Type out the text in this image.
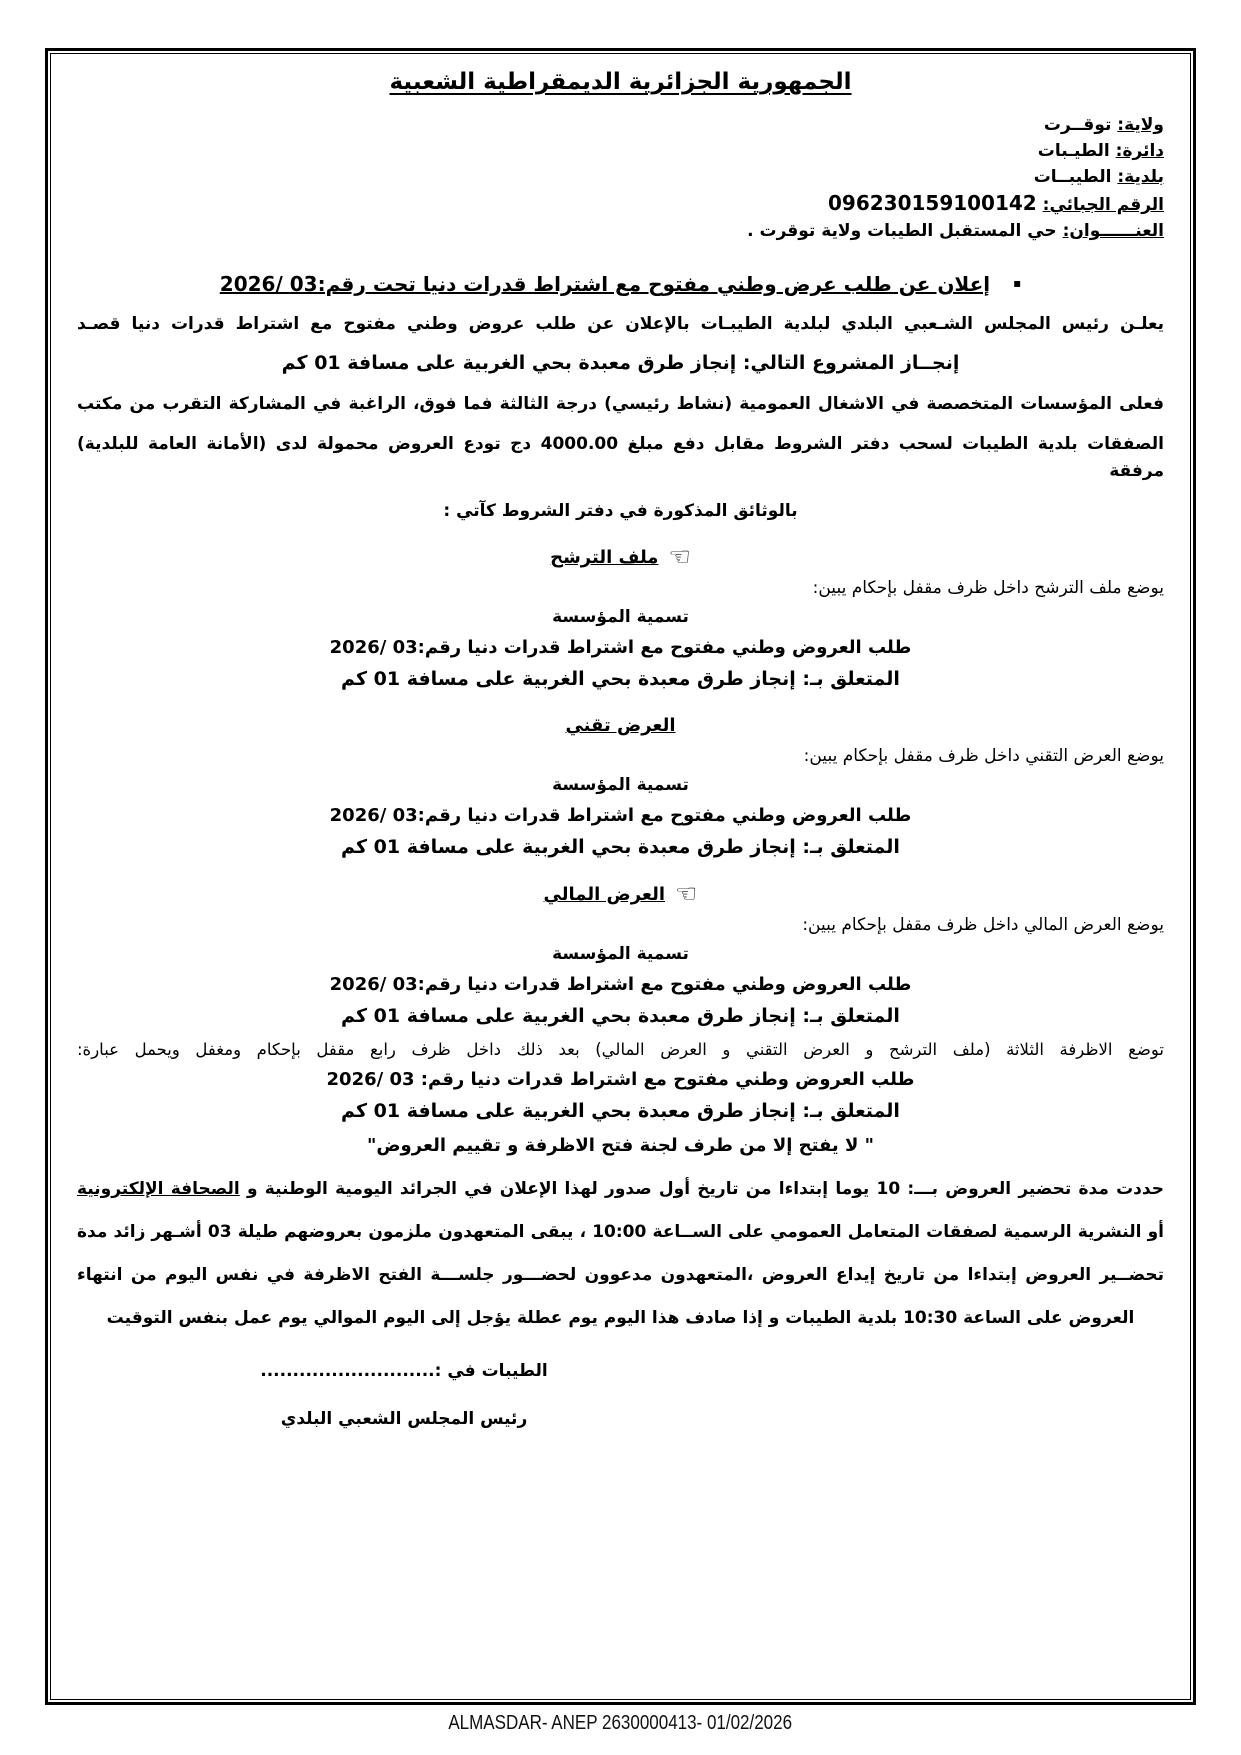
الجمهورية الجزائرية الديمقراطية الشعبية
ولاية: توقــرت
دائرة: الطيـبات
بلدية: الطيبــات
الرقم الجبائي: 096230159100142
العنــــــوان: حي المستقبل الطيبات ولاية توقرت .
▪ إعلان عن طلب عرض وطني مفتوح مع اشتراط قدرات دنيا تحت رقم:03 /2026
يعلـن رئيس المجلس الشـعبي البلدي لبلدية الطيبـات بالإعلان عن طلب عروض وطني مفتوح مع اشتراط قدرات دنيا قصـد
إنجــاز المشروع التالي: إنجاز طرق معبدة بحي الغربية على مسافة 01 كم
فعلى المؤسسات المتخصصة في الاشغال العمومية (نشاط رئيسي) درجة الثالثة فما فوق، الراغبة في المشاركة التقرب من مكتب
الصفقات بلدية الطيبات لسحب دفتر الشروط مقابل دفع مبلغ 4000.00 دج تودع العروض محمولة لدى (الأمانة العامة للبلدية) مرفقة
بالوثائق المذكورة في دفتر الشروط كآتي :
☜ملف الترشح
يوضع ملف الترشح داخل ظرف مقفل بإحكام يبين:
تسمية المؤسسة
طلب العروض وطني مفتوح مع اشتراط قدرات دنيا رقم:03 /2026
المتعلق بـ: إنجاز طرق معبدة بحي الغربية على مسافة 01 كم
العرض تقني
يوضع العرض التقني داخل ظرف مقفل بإحكام يبين:
تسمية المؤسسة
طلب العروض وطني مفتوح مع اشتراط قدرات دنيا رقم:03 /2026
المتعلق بـ: إنجاز طرق معبدة بحي الغربية على مسافة 01 كم
☜العرض المالي
يوضع العرض المالي داخل ظرف مقفل بإحكام يبين:
تسمية المؤسسة
طلب العروض وطني مفتوح مع اشتراط قدرات دنيا رقم:03 /2026
المتعلق بـ: إنجاز طرق معبدة بحي الغربية على مسافة 01 كم
توضع الاظرفة الثلاثة (ملف الترشح و العرض التقني و العرض المالي) بعد ذلك داخل ظرف رابع مقفل بإحكام ومغفل ويحمل عبارة:
طلب العروض وطني مفتوح مع اشتراط قدرات دنيا رقم: 03 /2026
المتعلق بـ: إنجاز طرق معبدة بحي الغربية على مسافة 01 كم
" لا يفتح إلا من طرف لجنة فتح الاظرفة و تقييم العروض"
حددت مدة تحضير العروض بـــ: 10 يوما إبتداءا من تاريخ أول صدور لهذا الإعلان في الجرائد اليومية الوطنية و الصحافة الإلكترونية
أو النشرية الرسمية لصفقات المتعامل العمومي على الســاعة 10:00 ، يبقى المتعهدون ملزمون بعروضهم طيلة 03 أشـهر زائد مدة
تحضــير العروض إبتداءا من تاريخ إيداع العروض ،المتعهدون مدعوون لحضـــور جلســـة الفتح الاظرفة في نفس اليوم من انتهاء
العروض على الساعة 10:30 بلدية الطيبات و إذا صادف هذا اليوم يوم عطلة يؤجل إلى اليوم الموالي يوم عمل بنفس التوقيت
الطيبات في :...........................
رئيس المجلس الشعبي البلدي
ALMASDAR- ANEP 2630000413- 01/02/2026
